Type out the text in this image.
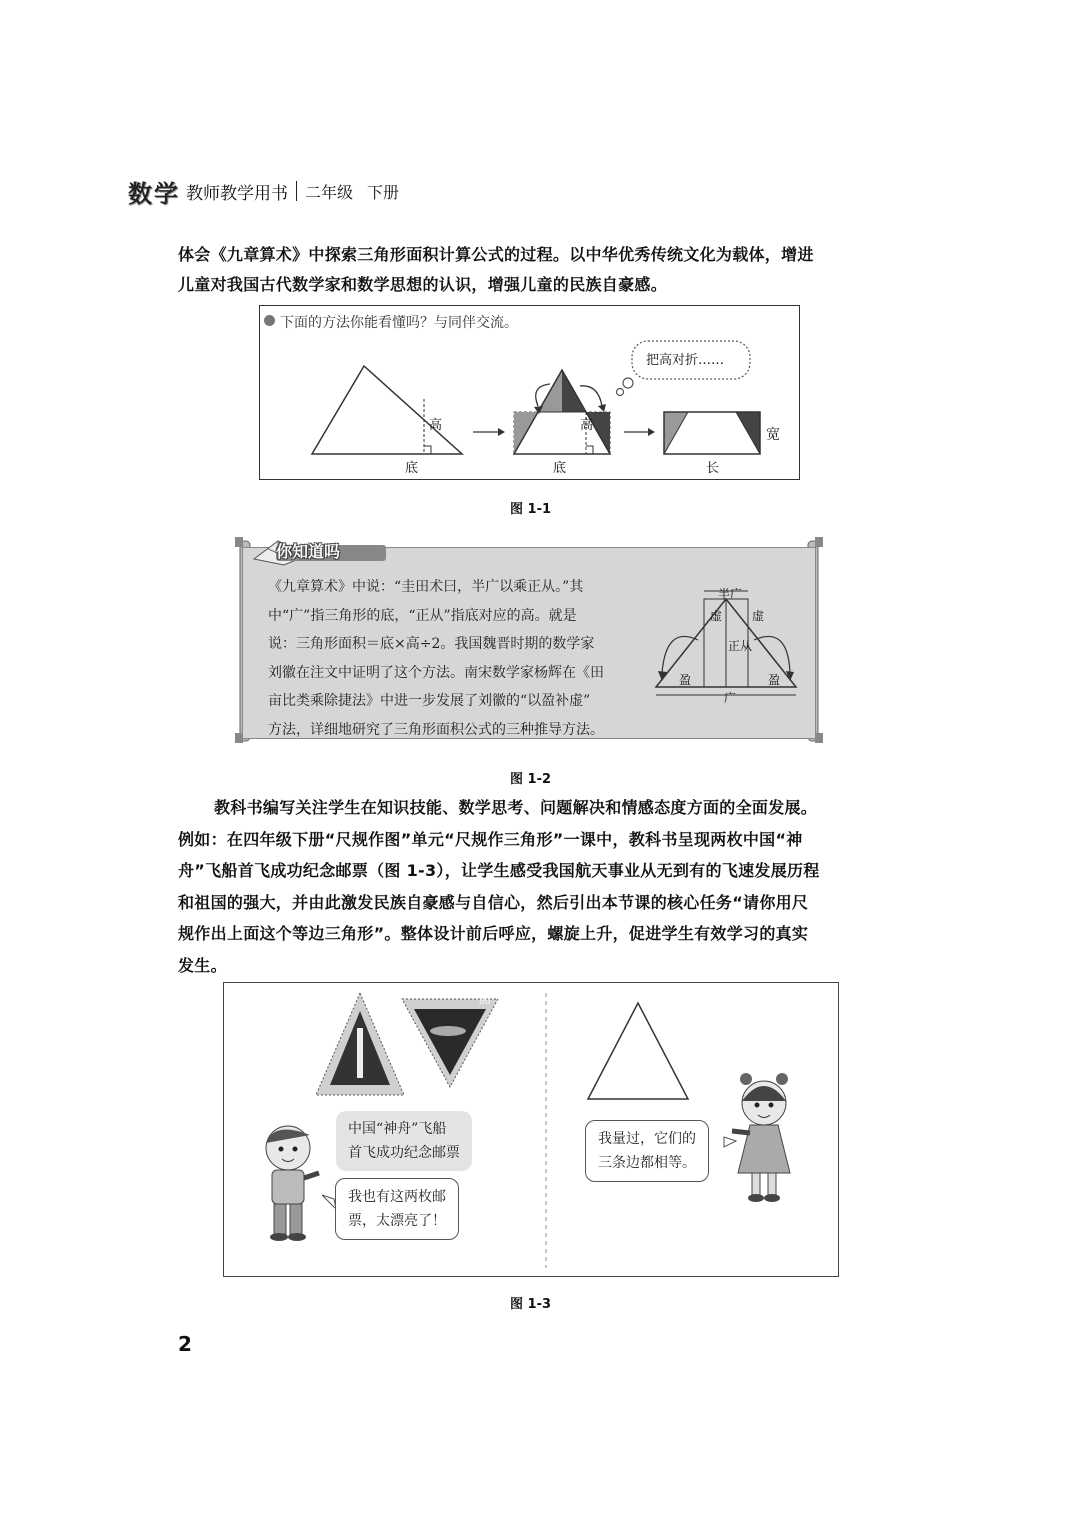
数学 教师教学用书 二年级 下册
体会《九章算术》中探索三角形面积计算公式的过程。以中华优秀传统文化为载体，增进
儿童对我国古代数学家和数学思想的认识，增强儿童的民族自豪感。
下面的方法你能看懂吗？与同伴交流。
高
底
高
底	长
宽
把高对折……
图 1-1
你知道吗
《九章算术》中说：“圭田术曰，半广以乘正从。”其
中“广”指三角形的底，“正从”指底对应的高。就是
说：三角形面积＝底×高÷2。我国魏晋时期的数学家
刘徽在注文中证明了这个方法。南宋数学家杨辉在《田
亩比类乘除捷法》中进一步发展了刘徽的“以盈补虚”
方法，详细地研究了三角形面积公式的三种推导方法。
半广
虚 虚
正从
盈	盈
广
图 1-2
教科书编写关注学生在知识技能、数学思考、问题解决和情感态度方面的全面发展。
例如：在四年级下册“尺规作图”单元“尺规作三角形”一课中，教科书呈现两枚中国“神
舟”飞船首飞成功纪念邮票（图 1-3），让学生感受我国航天事业从无到有的飞速发展历程
和祖国的强大，并由此激发民族自豪感与自信心，然后引出本节课的核心任务“请你用尺
规作出上面这个等边三角形”。整体设计前后呼应，螺旋上升，促进学生有效学习的真实
发生。
80
中国“神舟”飞船
首飞成功纪念邮票
我也有这两枚邮
票，太漂亮了！
我量过，它们的
三条边都相等。
图 1-3
2
